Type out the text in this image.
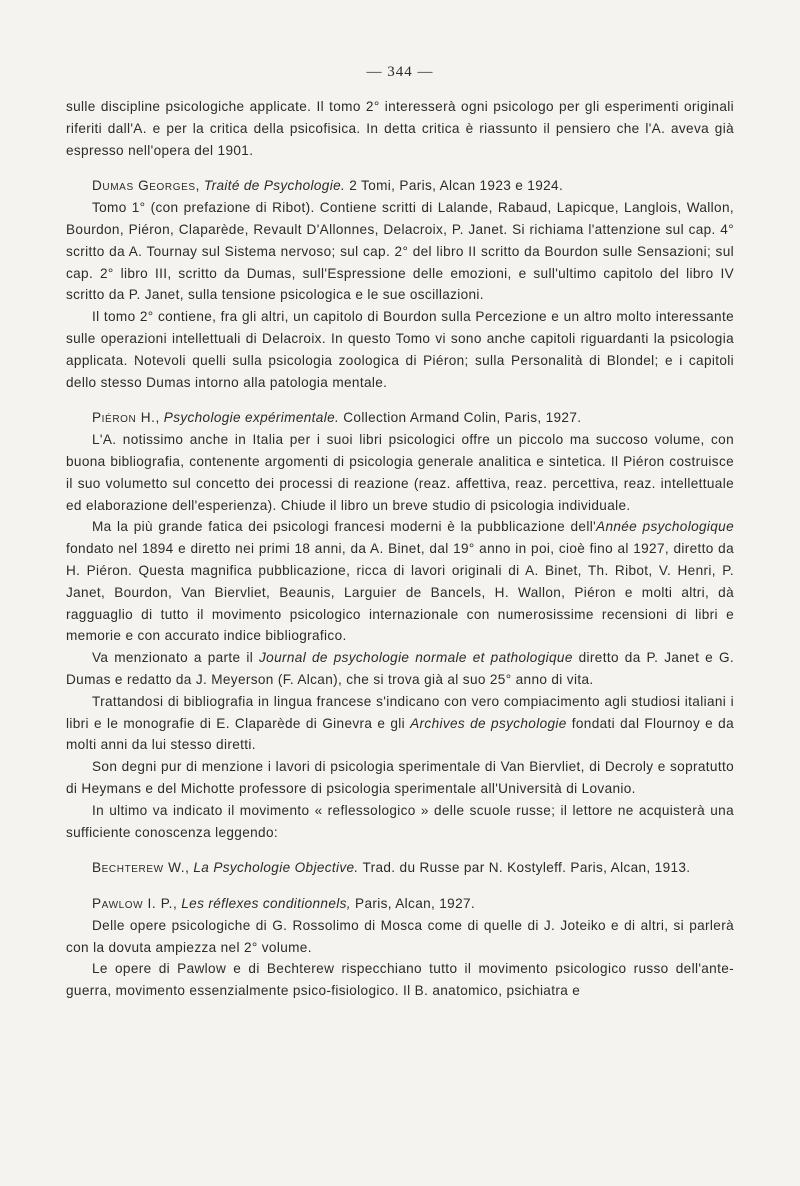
— 344 —

sulle discipline psicologiche applicate. Il tomo 2° interesserà ogni psicologo per gli esperimenti originali riferiti dall'A. e per la critica della psicofisica. In detta critica è riassunto il pensiero che l'A. aveva già espresso nell'opera del 1901.

Dumas Georges, Traité de Psychologie. 2 Tomi, Paris, Alcan 1923 e 1924.

Tomo 1° (con prefazione di Ribot). Contiene scritti di Lalande, Rabaud, Lapicque, Langlois, Wallon, Bourdon, Piéron, Claparède, Revault D'Allonnes, Delacroix, P. Janet. Si richiama l'attenzione sul cap. 4° scritto da A. Tournay sul Sistema nervoso; sul cap. 2° del libro II scritto da Bourdon sulle Sensazioni; sul cap. 2° libro III, scritto da Dumas, sull'Espressione delle emozioni, e sull'ultimo capitolo del libro IV scritto da P. Janet, sulla tensione psicologica e le sue oscillazioni.

Il tomo 2° contiene, fra gli altri, un capitolo di Bourdon sulla Percezione e un altro molto interessante sulle operazioni intellettuali di Delacroix. In questo Tomo vi sono anche capitoli riguardanti la psicologia applicata. Notevoli quelli sulla psicologia zoologica di Piéron; sulla Personalità di Blondel; e i capitoli dello stesso Dumas intorno alla patologia mentale.

Piéron H., Psychologie expérimentale. Collection Armand Colin, Paris, 1927.

L'A. notissimo anche in Italia per i suoi libri psicologici offre un piccolo ma succoso volume, con buona bibliografia, contenente argomenti di psicologia generale analitica e sintetica. Il Piéron costruisce il suo volumetto sul concetto dei processi di reazione (reaz. affettiva, reaz. percettiva, reaz. intellettuale ed elaborazione dell'esperienza). Chiude il libro un breve studio di psicologia individuale.

Ma la più grande fatica dei psicologi francesi moderni è la pubblicazione dell'Année psychologique fondato nel 1894 e diretto nei primi 18 anni, da A. Binet, dal 19° anno in poi, cioè fino al 1927, diretto da H. Piéron. Questa magnifica pubblicazione, ricca di lavori originali di A. Binet, Th. Ribot, V. Henri, P. Janet, Bourdon, Van Biervliet, Beaunis, Larguier de Bancels, H. Wallon, Piéron e molti altri, dà ragguaglio di tutto il movimento psicologico internazionale con numerosissime recensioni di libri e memorie e con accurato indice bibliografico.

Va menzionato a parte il Journal de psychologie normale et pathologique diretto da P. Janet e G. Dumas e redatto da J. Meyerson (F. Alcan), che si trova già al suo 25° anno di vita.

Trattandosi di bibliografia in lingua francese s'indicano con vero compiacimento agli studiosi italiani i libri e le monografie di E. Claparède di Ginevra e gli Archives de psychologie fondati dal Flournoy e da molti anni da lui stesso diretti.

Son degni pur di menzione i lavori di psicologia sperimentale di Van Biervliet, di Decroly e sopratutto di Heymans e del Michotte professore di psicologia sperimentale all'Università di Lovanio.

In ultimo va indicato il movimento « reflessologico » delle scuole russe; il lettore ne acquisterà una sufficiente conoscenza leggendo:

Bechterew W., La Psychologie Objective. Trad. du Russe par N. Kostyleff. Paris, Alcan, 1913.

Pawlow I. P., Les réflexes conditionnels, Paris, Alcan, 1927.

Delle opere psicologiche di G. Rossolimo di Mosca come di quelle di J. Joteiko e di altri, si parlerà con la dovuta ampiezza nel 2° volume.

Le opere di Pawlow e di Bechterew rispecchiano tutto il movimento psicologico russo dell'ante-guerra, movimento essenzialmente psico-fisiologico. Il B. anatomico, psichiatra e
